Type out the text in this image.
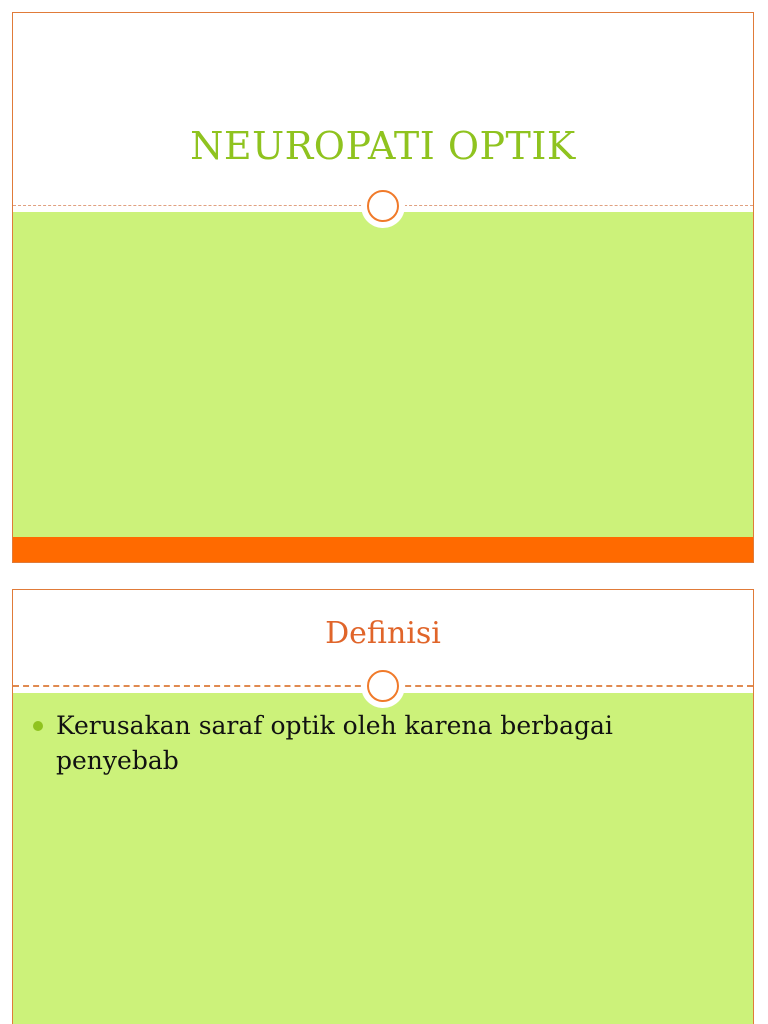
NEUROPATI OPTIK
Definisi
Kerusakan saraf optik oleh karena berbagai penyebab
